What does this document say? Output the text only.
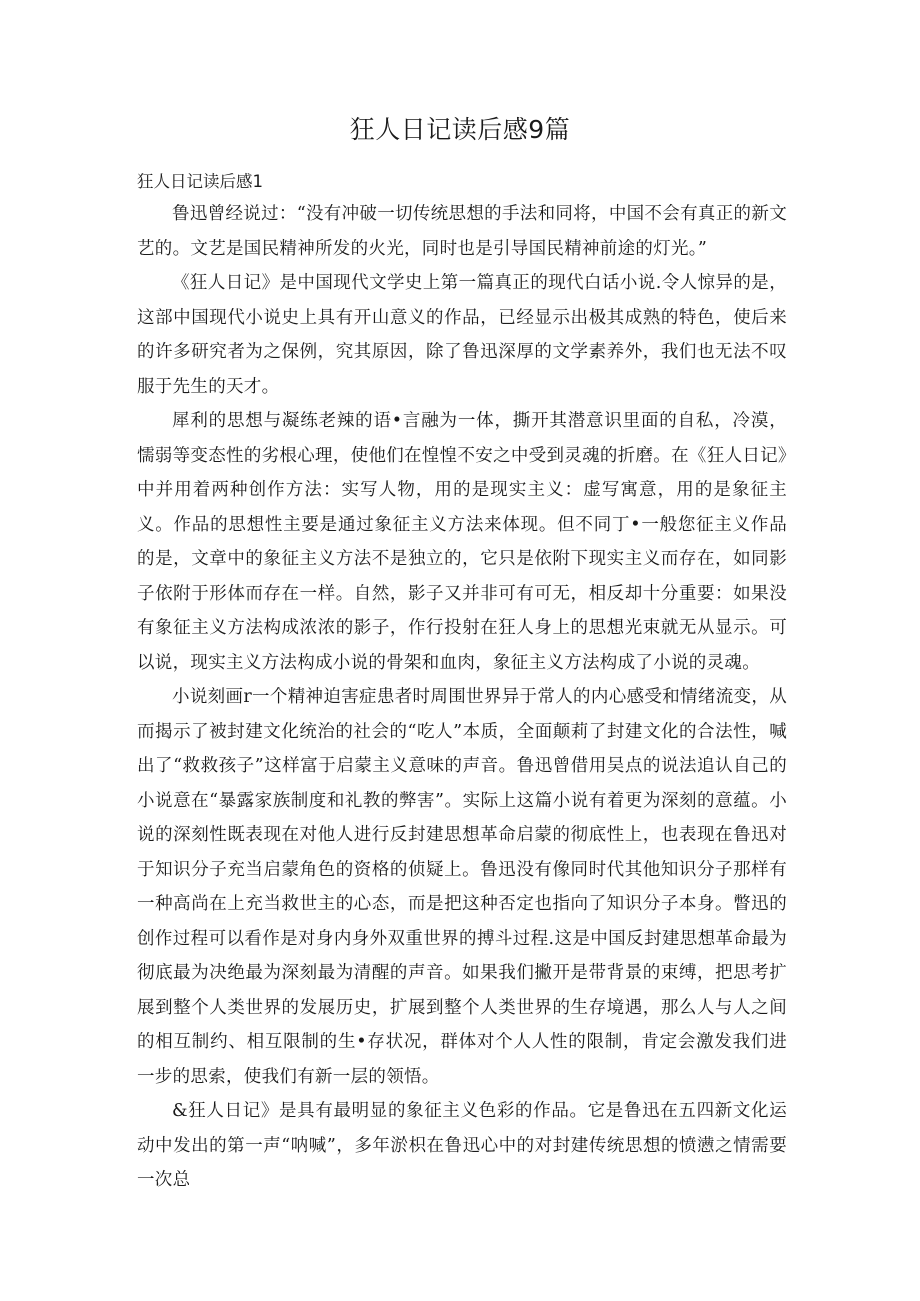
狂人日记读后感9篇

狂人日记读后感1

鲁迅曾经说过：“没有冲破一切传统思想的手法和同将，中国不会有真正的新文艺的。文艺是国民精神所发的火光，同时也是引导国民精神前途的灯光。”

《狂人日记》是中国现代文学史上第一篇真正的现代白话小说.令人惊异的是，这部中国现代小说史上具有开山意义的作品，已经显示出极其成熟的特色，使后来的许多研究者为之保例，究其原因，除了鲁迅深厚的文学素养外，我们也无法不叹服于先生的天才。

犀利的思想与凝练老辣的语•言融为一体，撕开其潜意识里面的自私，冷漠，懦弱等变态性的劣根心理，使他们在惶惶不安之中受到灵魂的折磨。在《狂人日记》中并用着两种创作方法：实写人物，用的是现实主义：虚写寓意，用的是象征主义。作品的思想性主要是通过象征主义方法来体现。但不同丁•一般您征主义作品的是，文章中的象征主义方法不是独立的，它只是依附下现实主义而存在，如同影子依附于形体而存在一样。自然，影子又并非可有可无，相反却十分重要：如果没有象征主义方法构成浓浓的影子，作行投射在狂人身上的思想光束就无从显示。可以说，现实主义方法构成小说的骨架和血肉，象征主义方法构成了小说的灵魂。

小说刻画r一个精神迫害症患者时周围世界异于常人的内心感受和情绪流变，从而揭示了被封建文化统治的社会的“吃人”本质，全面颠莉了封建文化的合法性，喊出了“救救孩子”这样富于启蒙主义意味的声音。鲁迅曾借用吴点的说法追认自己的小说意在“暴露家族制度和礼教的弊害”。实际上这篇小说有着更为深刻的意蕴。小说的深刻性既表现在对他人进行反封建思想革命启蒙的彻底性上，也表现在鲁迅对于知识分子充当启蒙角色的资格的侦疑上。鲁迅没有像同时代其他知识分子那样有一种高尚在上充当救世主的心态，而是把这种否定也指向了知识分子本身。瞥迅的创作过程可以看作是对身内身外双重世界的搏斗过程.这是中国反封建思想革命最为彻底最为决绝最为深刻最为清醒的声音。如果我们撇开是带背景的束缚，把思考扩展到整个人类世界的发展历史，扩展到整个人类世界的生存境遇，那么人与人之间的相互制约、相互限制的生•存状况，群体对个人人性的限制，肯定会激发我们进一步的思索，使我们有新一层的领悟。

&狂人日记》是具有最明显的象征主义色彩的作品。它是鲁迅在五四新文化运动中发出的第一声“呐喊”，多年淤枳在鲁迅心中的对封建传统思想的愤懑之情需要一次总
